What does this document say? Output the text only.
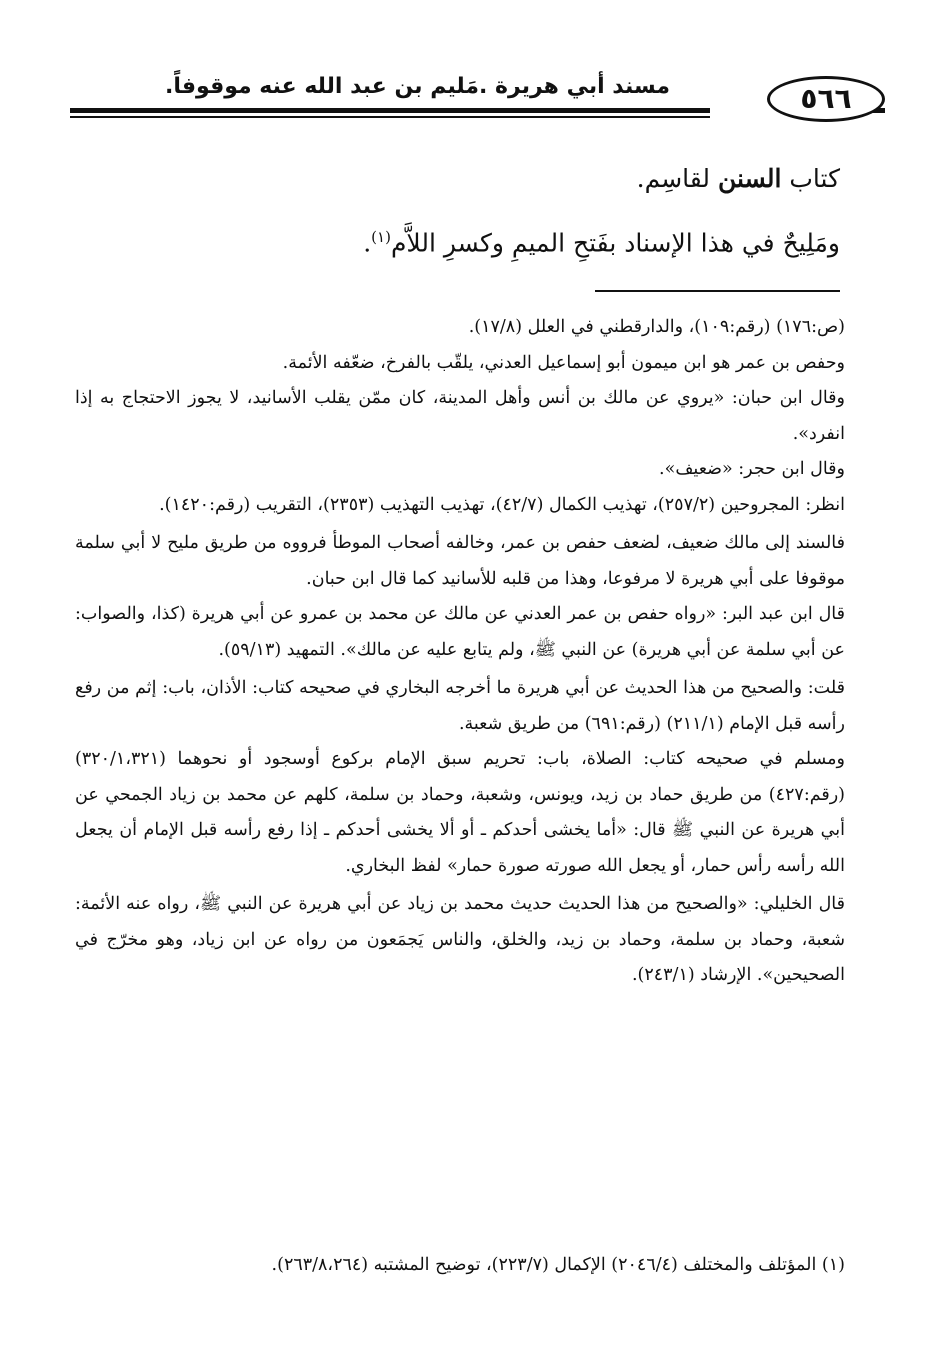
مسند أبي هريرة .مَليم بن عبد الله عنه موقوفاً.	٥٦٦

كتاب السنن لقاسِم.

ومَلِيحٌ في هذا الإسناد بفَتحِ الميمِ وكسرِ اللاَّم$^{(١)}$.

(ص:١٧٦) (رقم:١٠٩)، والدارقطني في العلل (١٧/٨).

وحفص بن عمر هو ابن ميمون أبو إسماعيل العدني، يلقّب بالفرخ، ضعّفه الأئمة.

وقال ابن حبان: «يروي عن مالك بن أنس وأهل المدينة، كان ممّن يقلب الأسانيد، لا يجوز الاحتجاج به إذا انفرد».

وقال ابن حجر: «ضعيف».

انظر: المجروحين (٢٥٧/٢)، تهذيب الكمال (٤٢/٧)، تهذيب التهذيب (٢٣٥٣)، التقريب (رقم:١٤٢٠).

فالسند إلى مالك ضعيف، لضعف حفص بن عمر، وخالفه أصحاب الموطأ فرووه من طريق مليح لا أبي سلمة موقوفا على أبي هريرة لا مرفوعا، وهذا من قلبه للأسانيد كما قال ابن حبان.

قال ابن عبد البر: «رواه حفص بن عمر العدني عن مالك عن محمد بن عمرو عن أبي هريرة (كذا، والصواب: عن أبي سلمة عن أبي هريرة) عن النبي ﷺ، ولم يتابع عليه عن مالك». التمهيد (٥٩/١٣).

قلت: والصحيح من هذا الحديث عن أبي هريرة ما أخرجه البخاري في صحيحه كتاب: الأذان، باب: إثم من رفع رأسه قبل الإمام (٢١١/١) (رقم:٦٩١) من طريق شعبة.

ومسلم في صحيحه كتاب: الصلاة، باب: تحريم سبق الإمام بركوع أوسجود أو نحوهما (٣٢٠/١،٣٢١) (رقم:٤٢٧) من طريق حماد بن زيد، ويونس، وشعبة، وحماد بن سلمة، كلهم عن محمد بن زياد الجمحي عن أبي هريرة عن النبي ﷺ قال: «أما يخشى أحدكم ـ أو ألا يخشى أحدكم ـ إذا رفع رأسه قبل الإمام أن يجعل الله رأسه رأس حمار، أو يجعل الله صورته صورة حمار» لفظ البخاري.

قال الخليلي: «والصحيح من هذا الحديث حديث محمد بن زياد عن أبي هريرة عن النبي ﷺ، رواه عنه الأئمة: شعبة، وحماد بن سلمة، وحماد بن زيد، والخلق، والناس يَجمَعون من رواه عن ابن زياد، وهو مخرّج في الصحيحين». الإرشاد (٢٤٣/١).

(١) المؤتلف والمختلف (٢٠٤٦/٤) الإكمال (٢٢٣/٧)، توضيح المشتبه (٢٦٣/٨،٢٦٤).
